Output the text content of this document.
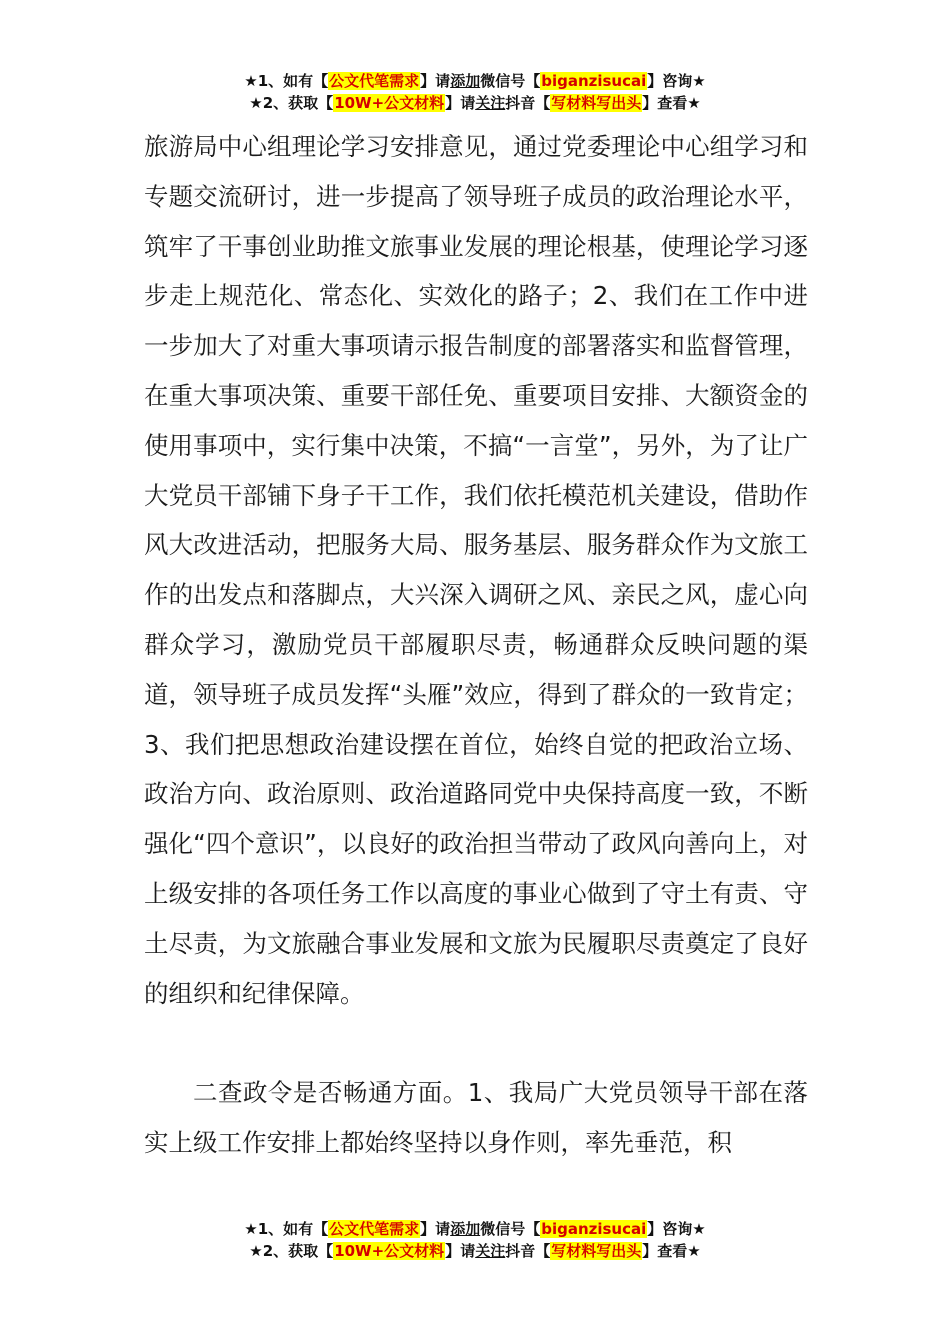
★1、如有【公文代笔需求】请添加微信号【biganzisucai】咨询★
★2、获取【10W+公文材料】请关注抖音【写材料写出头】查看★

旅游局中心组理论学习安排意见，通过党委理论中心组学习和专题交流研讨，进一步提高了领导班子成员的政治理论水平，筑牢了干事创业助推文旅事业发展的理论根基，使理论学习逐步走上规范化、常态化、实效化的路子；2、我们在工作中进一步加大了对重大事项请示报告制度的部署落实和监督管理，在重大事项决策、重要干部任免、重要项目安排、大额资金的使用事项中，实行集中决策，不搞“一言堂”，另外，为了让广大党员干部铺下身子干工作，我们依托模范机关建设，借助作风大改进活动，把服务大局、服务基层、服务群众作为文旅工作的出发点和落脚点，大兴深入调研之风、亲民之风，虚心向群众学习，激励党员干部履职尽责，畅通群众反映问题的渠道，领导班子成员发挥“头雁”效应，得到了群众的一致肯定；3、我们把思想政治建设摆在首位，始终自觉的把政治立场、政治方向、政治原则、政治道路同党中央保持高度一致，不断强化“四个意识”，以良好的政治担当带动了政风向善向上，对上级安排的各项任务工作以高度的事业心做到了守土有责、守土尽责，为文旅融合事业发展和文旅为民履职尽责奠定了良好的组织和纪律保障。

二查政令是否畅通方面。1、我局广大党员领导干部在落实上级工作安排上都始终坚持以身作则，率先垂范，积

★1、如有【公文代笔需求】请添加微信号【biganzisucai】咨询★
★2、获取【10W+公文材料】请关注抖音【写材料写出头】查看★
